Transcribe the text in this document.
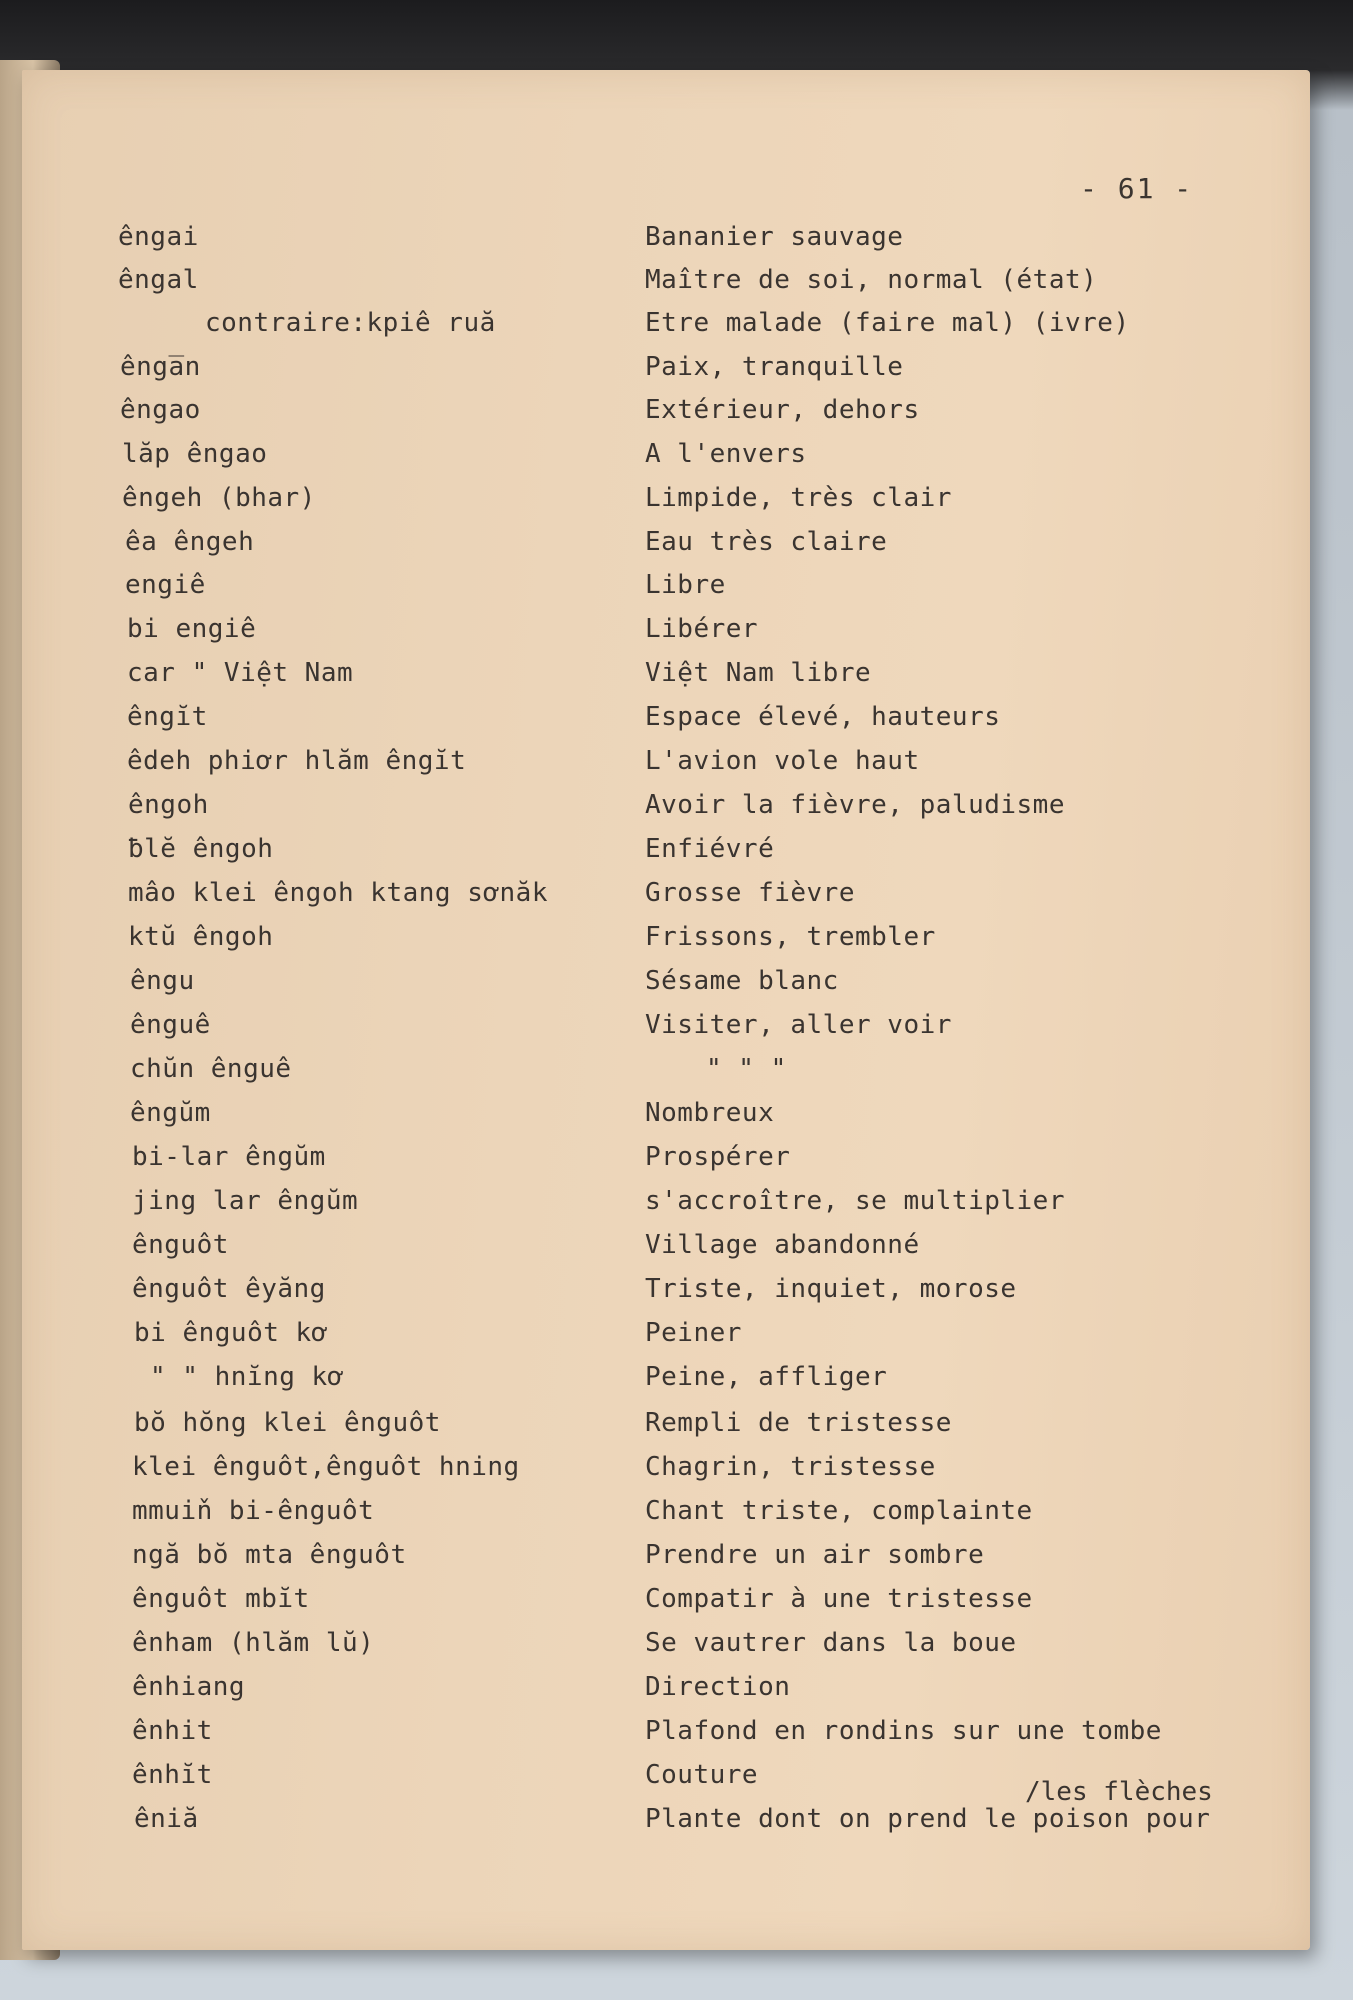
- 61 -
ênga‌i	Bananier sauvage
êngal	Maître de soi, normal (état)
contraire:kpiê ruă	Etre malade (faire mal) (ivre)
ênga̅n	Paix, tranquille
êngao	Extérieur, dehors
lăp êngao	A l'envers
êngeh (bhar)	Limpide, très clair
êa êngeh	Eau très claire
engiê	Libre
bi engiê	Libérer
car " Việt Nam	Việt Nam libre
êngĭt	Espace élevé, hauteurs
êdeh phiơr hlăm êngĭt	L'avion vole haut
êngoh	Avoir la fièvre, paludisme
ƀlĕ êngoh	Enfiévré
mâo klei êngoh ktang sơnăk	Grosse fièvre
ktŭ êngoh	Frissons, trembler
êngu	Sésame blanc
ênguê	Visiter, aller voir
chŭn ênguê	" " "
êngŭm	Nombreux
bi-lar êngŭm	Prospérer
jing lar êngŭm	s'accroître, se multiplier
ênguôt	Village abandonné
ênguôt êyăng	Triste, inquiet, morose
bi ênguôt kơ	Peiner
" " hnĭng kơ	Peine, affliger
bŏ hŏng klei ênguôt	Rempli de tristesse
klei ênguôt,ênguôt hning	Chagrin, tristesse
mmuiň bi-ênguôt	Chant triste, complainte
ngă bŏ mta ênguôt	Prendre un air sombre
ênguôt mbĭt	Compatir à une tristesse
ênham (hlăm lŭ)	Se vautrer dans la boue
ênhiang	Direction
ênhit	Plafond en rondins sur une tombe
ênhĭt	Couture
êniă	Plante dont on prend le poison pour
/les flèches
